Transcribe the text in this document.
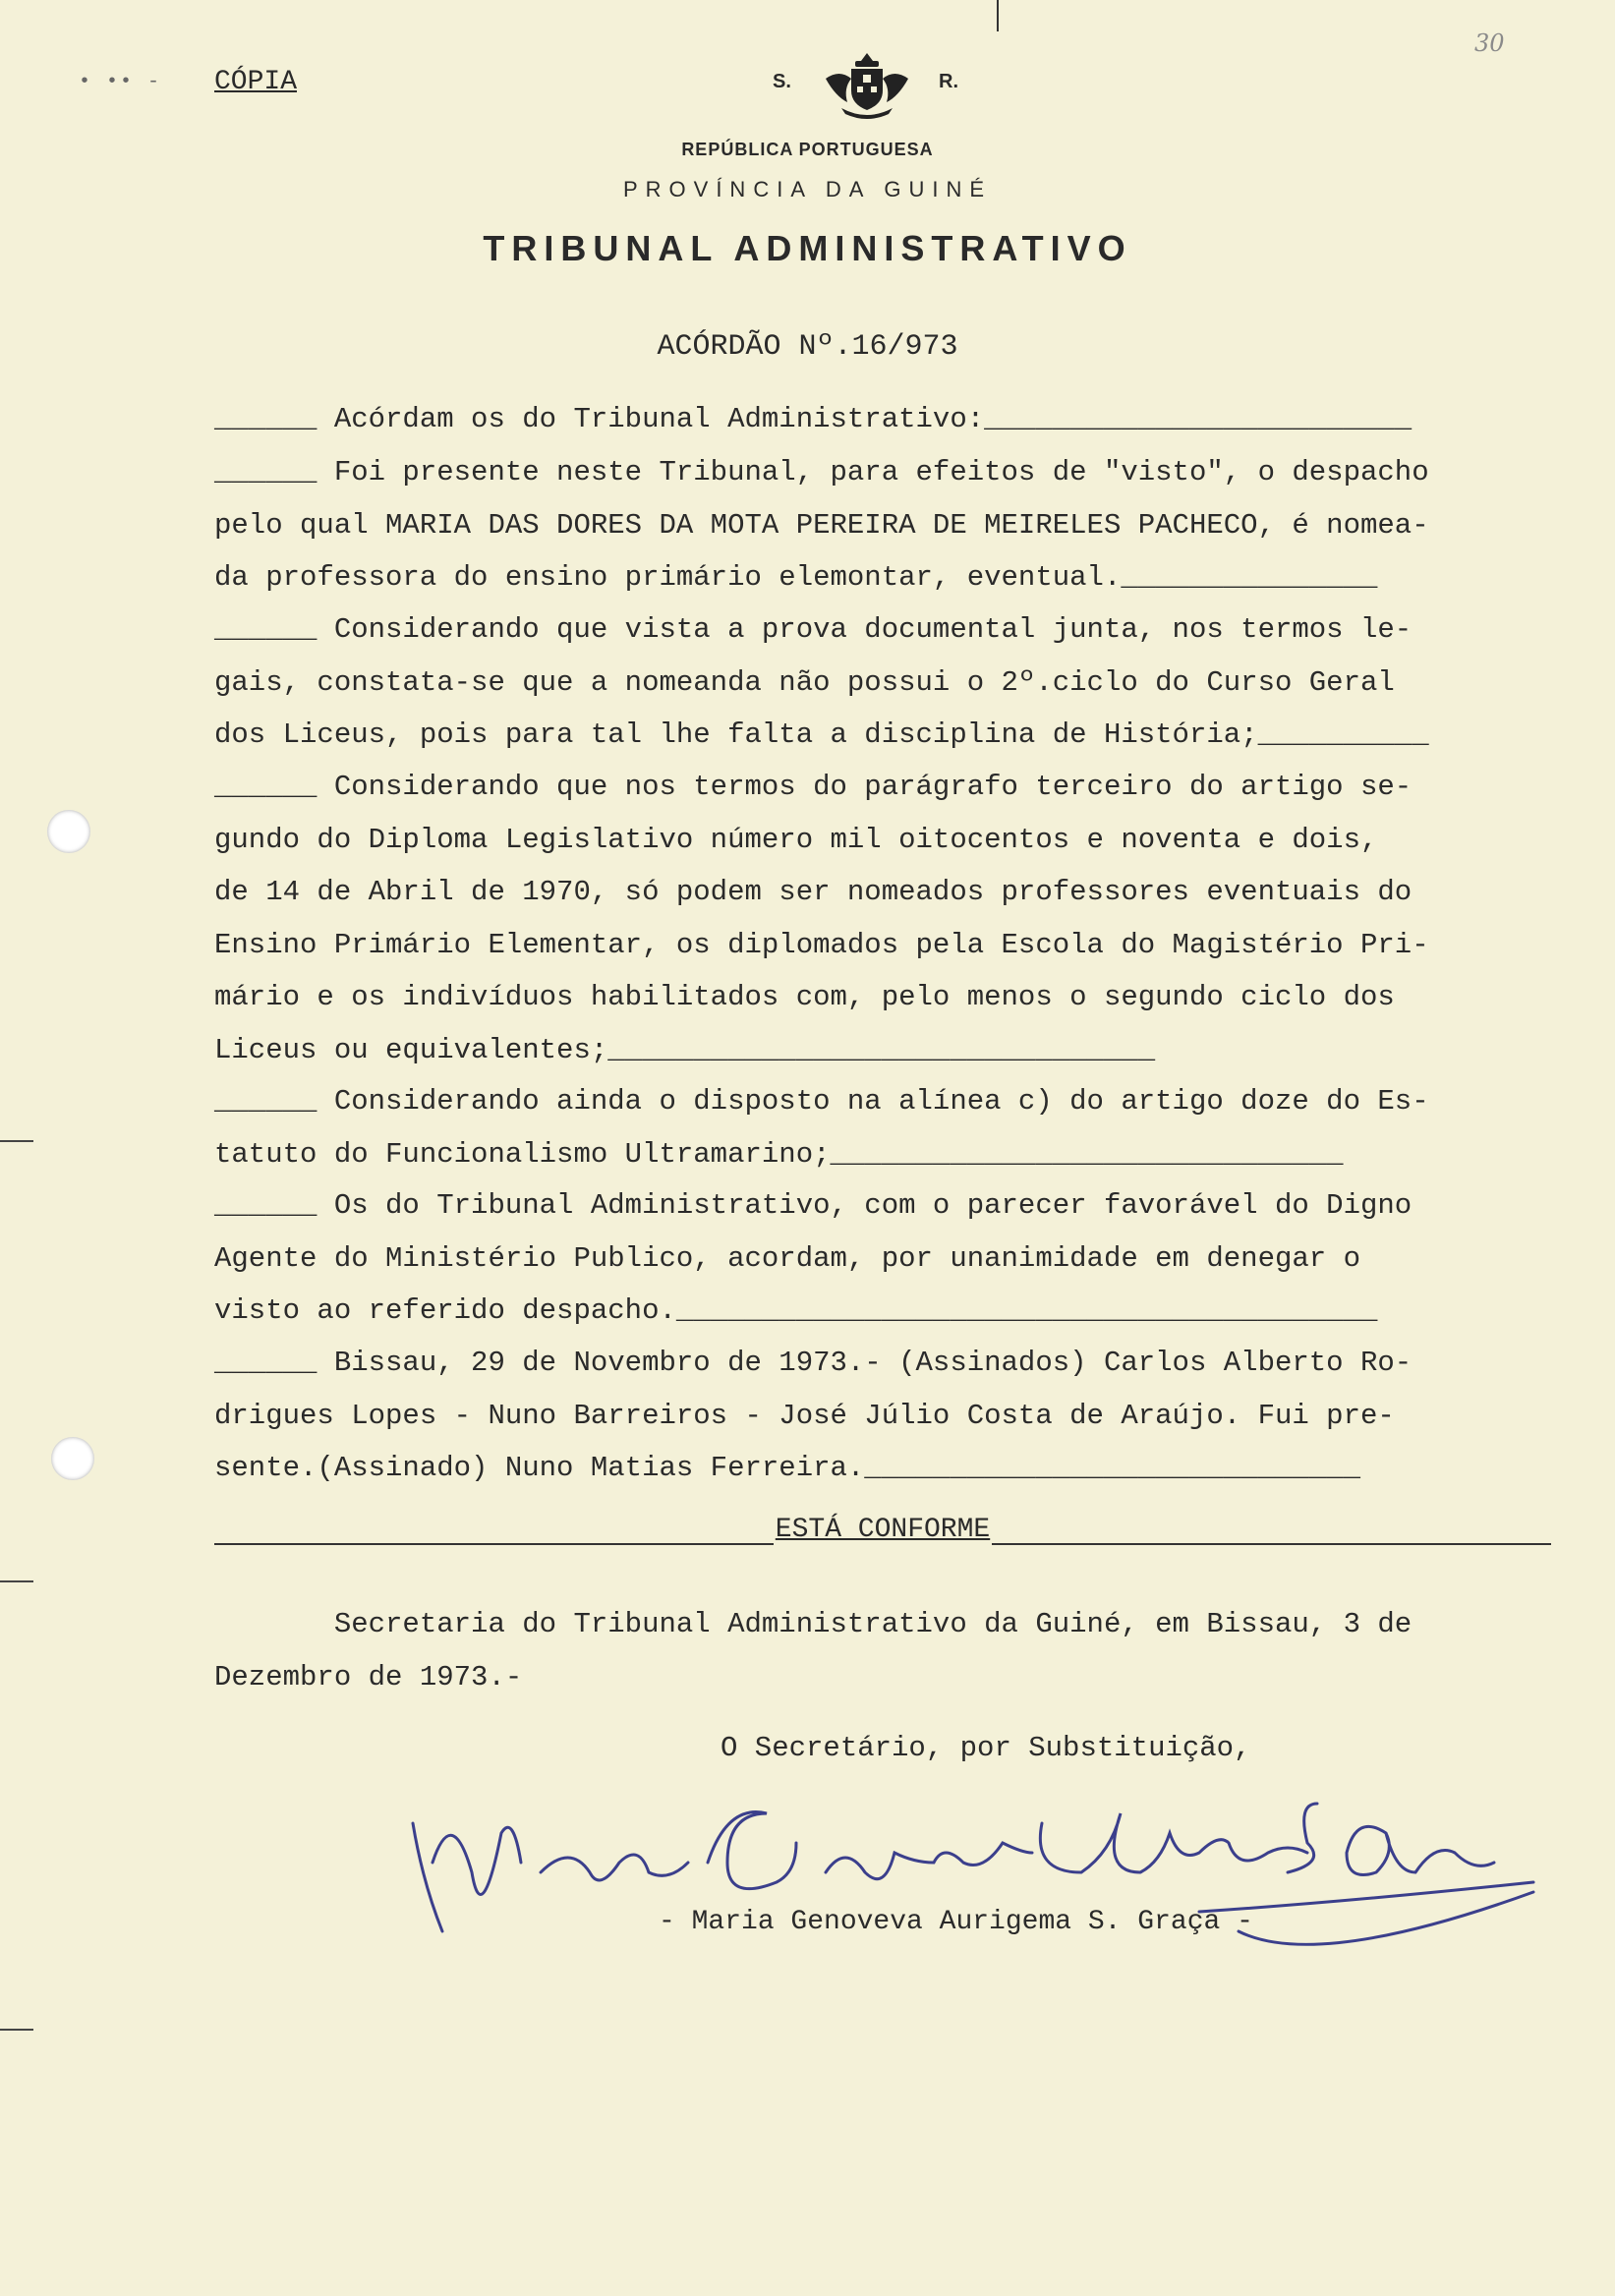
• •• -
30
CÓPIA	S.	R.
REPÚBLICA PORTUGUESA
PROVÍNCIA DA GUINÉ
TRIBUNAL ADMINISTRATIVO
ACÓRDÃO Nº.16/973
______ Acórdam os do Tribunal Administrativo:_________________________
______ Foi presente neste Tribunal, para efeitos de "visto", o despacho
pelo qual MARIA DAS DORES DA MOTA PEREIRA DE MEIRELES PACHECO, é nomea-
da professora do ensino primário elemontar, eventual._______________
______ Considerando que vista a prova documental junta, nos termos le-
gais, constata-se que a nomeanda não possui o 2º.ciclo do Curso Geral
dos Liceus, pois para tal lhe falta a disciplina de História;__________
______ Considerando que nos termos do parágrafo terceiro do artigo se-
gundo do Diploma Legislativo número mil oitocentos e noventa e dois,
de 14 de Abril de 1970, só podem ser nomeados professores eventuais do
Ensino Primário Elementar, os diplomados pela Escola do Magistério Pri-
mário e os indivíduos habilitados com, pelo menos o segundo ciclo dos
Liceus ou equivalentes;________________________________
______ Considerando ainda o disposto na alínea c) do artigo doze do Es-
tatuto do Funcionalismo Ultramarino;______________________________
______ Os do Tribunal Administrativo, com o parecer favorável do Digno
Agente do Ministério Publico, acordam, por unanimidade em denegar o
visto ao referido despacho._________________________________________
______ Bissau, 29 de Novembro de 1973.- (Assinados) Carlos Alberto Ro-
drigues Lopes - Nuno Barreiros - José Júlio Costa de Araújo. Fui pre-
sente.(Assinado) Nuno Matias Ferreira._____________________________
ESTÁ CONFORME
Secretaria do Tribunal Administrativo da Guiné, em Bissau, 3 de
Dezembro de 1973.-
O Secretário, por Substituição,
- Maria Genoveva Aurigema S. Graça -
